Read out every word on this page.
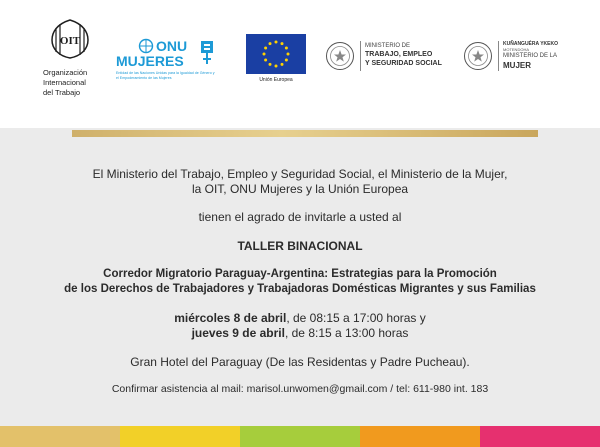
OIT
Organización
Internacional
del Trabajo
ONU
MUJERES
Entidad de las Naciones Unidas para la Igualdad de Género y el Empoderamiento de las Mujeres	Unión Europea
MINISTERIO DE
TRABAJO, EMPLEO
Y SEGURIDAD SOCIAL
KUÑANGUÉRA YKEKO
MOTENDOHA
MINISTERIO DE LA
MUJER
El Ministerio del Trabajo, Empleo y Seguridad Social, el Ministerio de la Mujer,
la OIT, ONU Mujeres y la Unión Europea
tienen el agrado de invitarle a usted al
TALLER BINACIONAL
Corredor Migratorio Paraguay-Argentina: Estrategias para la Promoción
de los Derechos de Trabajadores y Trabajadoras Domésticas Migrantes y sus Familias
miércoles 8 de abril, de 08:15 a 17:00 horas y
jueves 9 de abril, de 8:15 a 13:00 horas
Gran Hotel del Paraguay (De las Residentas y Padre Pucheau).
Confirmar asistencia al mail: marisol.unwomen@gmail.com / tel: 611-980 int. 183
